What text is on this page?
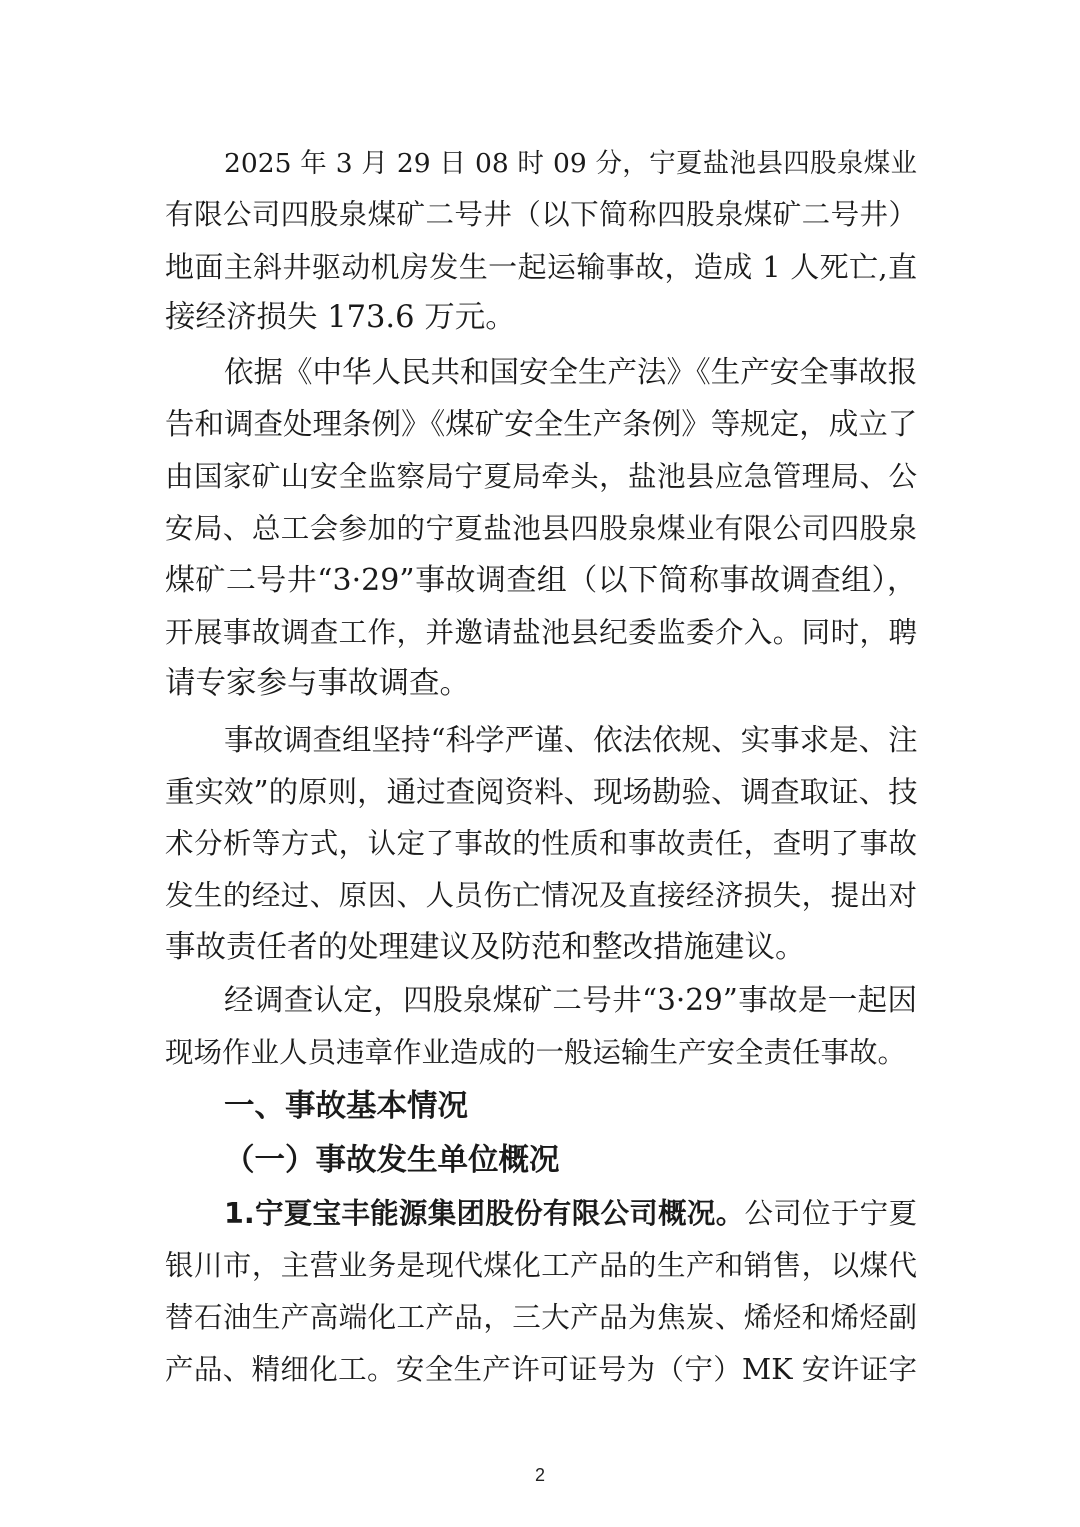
2025 年 3 月 29 日 08 时 09 分，宁夏盐池县四股泉煤业
有限公司四股泉煤矿二号井（以下简称四股泉煤矿二号井）
地面主斜井驱动机房发生一起运输事故，造成 1 人死亡,直
接经济损失 173.6 万元。
依据《中华人民共和国安全生产法》《生产安全事故报
告和调查处理条例》《煤矿安全生产条例》等规定，成立了
由国家矿山安全监察局宁夏局牵头，盐池县应急管理局、公
安局、总工会参加的宁夏盐池县四股泉煤业有限公司四股泉
煤矿二号井“3·29”事故调查组（以下简称事故调查组），
开展事故调查工作，并邀请盐池县纪委监委介入。同时，聘
请专家参与事故调查。
事故调查组坚持“科学严谨、依法依规、实事求是、注
重实效”的原则，通过查阅资料、现场勘验、调查取证、技
术分析等方式，认定了事故的性质和事故责任，查明了事故
发生的经过、原因、人员伤亡情况及直接经济损失，提出对
事故责任者的处理建议及防范和整改措施建议。
经调查认定，四股泉煤矿二号井“3·29”事故是一起因
现场作业人员违章作业造成的一般运输生产安全责任事故。
一、事故基本情况
（一）事故发生单位概况
1.宁夏宝丰能源集团股份有限公司概况。公司位于宁夏
银川市，主营业务是现代煤化工产品的生产和销售，以煤代
替石油生产高端化工产品，三大产品为焦炭、烯烃和烯烃副
产品、精细化工。安全生产许可证号为（宁）MK 安许证字
2
